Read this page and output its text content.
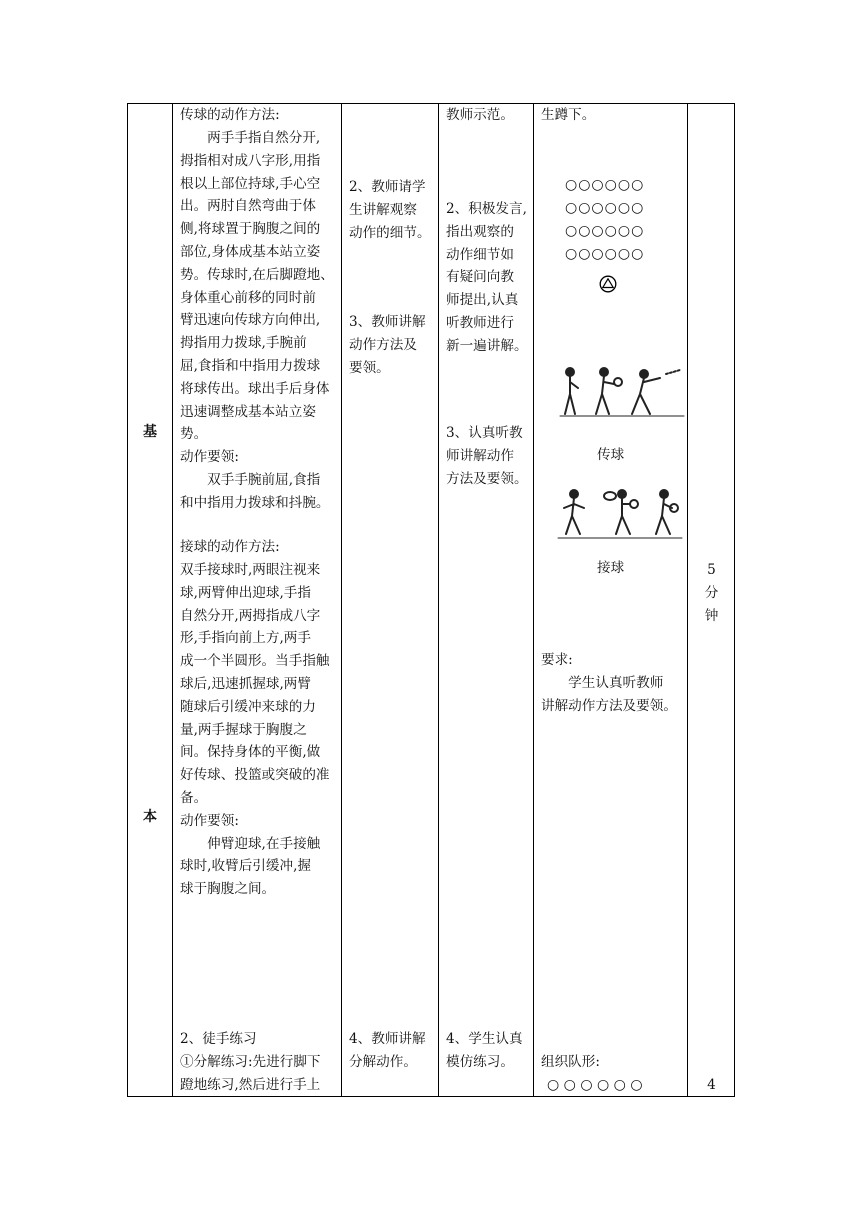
基
本
传球的动作方法:
　　两手手指自然分开,
拇指相对成八字形,用指
根以上部位持球,手心空
出。两肘自然弯曲于体
侧,将球置于胸腹之间的
部位,身体成基本站立姿
势。传球时,在后脚蹬地、
身体重心前移的同时前
臂迅速向传球方向伸出,
拇指用力拨球,手腕前
屈,食指和中指用力拨球
将球传出。球出手后身体
迅速调整成基本站立姿
势。
动作要领:
　　双手手腕前屈,食指
和中指用力拨球和抖腕。
接球的动作方法:
双手接球时,两眼注视来
球,两臂伸出迎球,手指
自然分开,两拇指成八字
形,手指向前上方,两手
成一个半圆形。当手指触
球后,迅速抓握球,两臂
随球后引缓冲来球的力
量,两手握球于胸腹之
间。保持身体的平衡,做
好传球、投篮或突破的准
备。
动作要领:
　　伸臂迎球,在手接触
球时,收臂后引缓冲,握
球于胸腹之间。
2、徒手练习
①分解练习:先进行脚下
蹬地练习,然后进行手上
2、教师请学
生讲解观察
动作的细节。
3、教师讲解
动作方法及
要领。
4、教师讲解
分解动作。
教师示范。
2、积极发言,
指出观察的
动作细节如
有疑问向教
师提出,认真
听教师进行
新一遍讲解。
3、认真听教
师讲解动作
方法及要领。
4、学生认真
模仿练习。
生蹲下。
○○○○○○
○○○○○○
○○○○○○
○○○○○○
传球
接球
要求:
　　学生认真听教师
讲解动作方法及要领。
组织队形:
○ ○ ○ ○ ○ ○
5
分
钟
4
